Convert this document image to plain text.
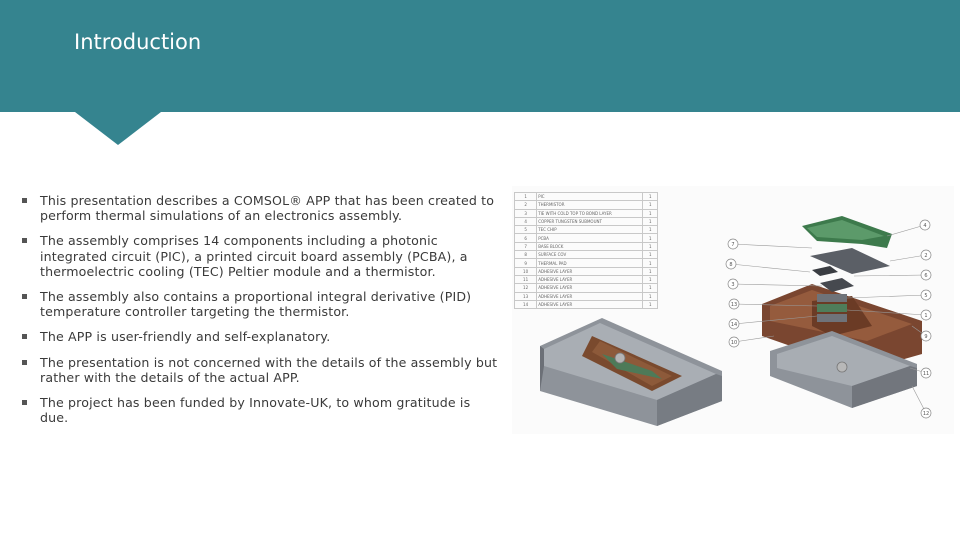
Introduction
This presentation describes a COMSOL® APP that has been created to perform thermal simulations of an electronics assembly.
The assembly comprises 14 components including a photonic integrated circuit (PIC), a printed circuit board assembly (PCBA), a thermoelectric cooling (TEC) Peltier module and a thermistor.
The assembly also contains a proportional integral derivative (PID) temperature controller targeting the thermistor.
The APP is user-friendly and self-explanatory.
The presentation is not concerned with the details of the assembly but rather with the details of the actual APP.
The project has been funded by Innovate-UK, to whom gratitude is due.
1	PIC	1
2	THERMISTOR	1
3	TIE WITH COLD TOP TO BOND LAYER	1
4	COPPER TUNGSTEN SUBMOUNT	1
5	TEC CHIP	1
6	PCBA	1
7	BASE BLOCK	1
8	SURFACE COV	1
9	THERMAL PAD	1
10	ADHESIVE LAYER	1
11	ADHESIVE LAYER	1
12	ADHESIVE LAYER	1
13	ADHESIVE LAYER	1
14	ADHESIVE LAYER	1
4
7
8
3
2
6
5
13
14
1
10
11
12
9
